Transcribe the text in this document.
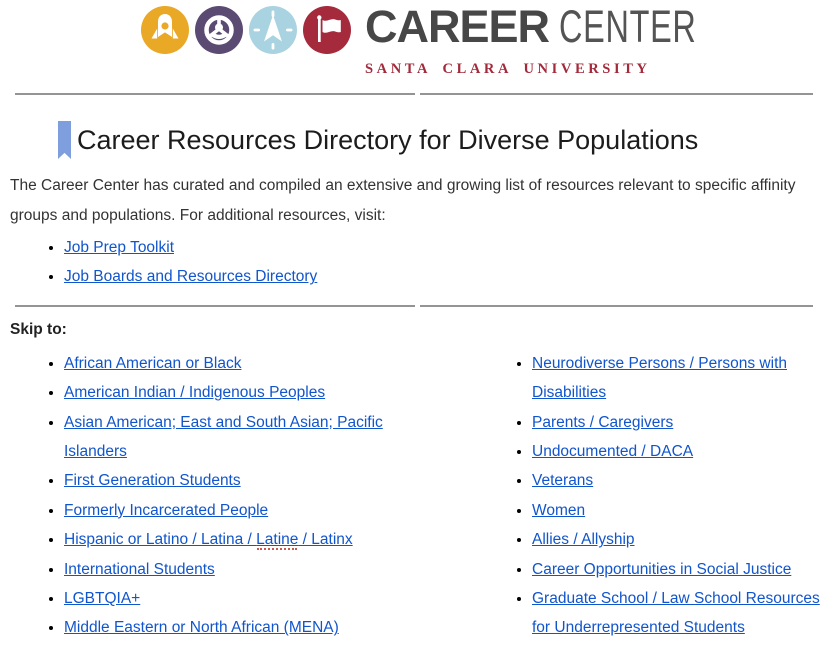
CAREER CENTER
SANTA CLARA UNIVERSITY
Career Resources Directory for Diverse Populations

The Career Center has curated and compiled an extensive and growing list of resources relevant to specific affinity groups and populations. For additional resources, visit:

• Job Prep Toolkit
• Job Boards and Resources Directory
Skip to:
• African American or Black
• American Indian / Indigenous Peoples
• Asian American; East and South Asian; Pacific Islanders
• First Generation Students
• Formerly Incarcerated People
• Hispanic or Latino / Latina / Latine / Latinx
• International Students
• LGBTQIA+
• Middle Eastern or North African (MENA)
• Neurodiverse Persons / Persons with Disabilities
• Parents / Caregivers
• Undocumented / DACA
• Veterans
• Women
• Allies / Allyship
• Career Opportunities in Social Justice
• Graduate School / Law School Resources for Underrepresented Students
